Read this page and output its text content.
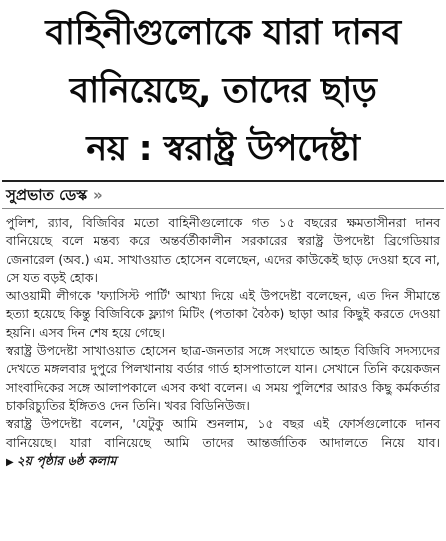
বাহিনীগুলোকে যারা দানব
বানিয়েছে, তাদের ছাড়
নয় : স্বরাষ্ট্র উপদেষ্টা
সুপ্রভাত ডেস্ক »

পুলিশ, র‍্যাব, বিজিবির মতো বাহিনীগুলোকে গত ১৫ বছরের ক্ষমতাসীনরা দানব বানিয়েছে বলে মন্তব্য করে অন্তর্বর্তীকালীন সরকারের স্বরাষ্ট্র উপদেষ্টা ব্রিগেডিয়ার জেনারেল (অব.) এম. সাখাওয়াত হোসেন বলেছেন, এদের কাউকেই ছাড় দেওয়া হবে না, সে যত বড়ই হোক।

আওয়ামী লীগকে 'ফ্যাসিস্ট পার্টি' আখ্যা দিয়ে এই উপদেষ্টা বলেছেন, এত দিন সীমান্তে হত্যা হয়েছে কিন্তু বিজিবিকে ফ্ল্যাগ মিটিং (পতাকা বৈঠক) ছাড়া আর কিছুই করতে দেওয়া হয়নি। এসব দিন শেষ হয়ে গেছে।

স্বরাষ্ট্র উপদেষ্টা সাখাওয়াত হোসেন ছাত্র-জনতার সঙ্গে সংঘাতে আহত বিজিবি সদস্যদের দেখতে মঙ্গলবার দুপুরে পিলখানায় বর্ডার গার্ড হাসপাতালে যান। সেখানে তিনি কয়েকজন সাংবাদিকের সঙ্গে আলাপকালে এসব কথা বলেন। এ সময় পুলিশের আরও কিছু কর্মকর্তার চাকরিচ্যুতির ইঙ্গিতও দেন তিনি। খবর বিডিনিউজ।

স্বরাষ্ট্র উপদেষ্টা বলেন, 'যেটুকু আমি শুনলাম, ১৫ বছর এই ফোর্সগুলোকে দানব বানিয়েছে। যারা বানিয়েছে আমি তাদের আন্তর্জাতিক আদালতে নিয়ে যাব। ▶ ২য় পৃষ্ঠার ৬ষ্ঠ কলাম
